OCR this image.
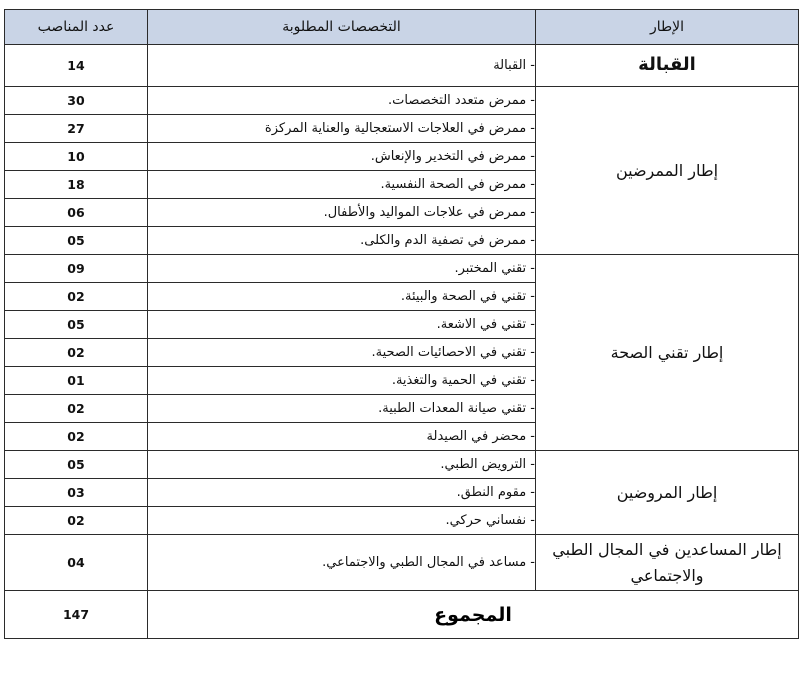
الإطار	التخصصات المطلوبة	عدد المناصب
القبالة	- القبالة	14
إطار الممرضين	- ممرض متعدد التخصصات.	30
	- ممرض في العلاجات الاستعجالية والعناية المركزة	27
	- ممرض في التخدير والإنعاش.	10
	- ممرض في الصحة النفسية.	18
	- ممرض في علاجات المواليد والأطفال.	06
	- ممرض في تصفية الدم والكلى.	05
إطار تقني الصحة	- تقني المختبر.	09
	- تقني في الصحة والبيئة.	02
	- تقني في الاشعة.	05
	- تقني في الاحصائيات الصحية.	02
	- تقني في الحمية والتغذية.	01
	- تقني صيانة المعدات الطبية.	02
	- محضر في الصيدلة	02
إطار المروضين	- الترويض الطبي.	05
	- مقوم النطق.	03
	- نفساني حركي.	02
إطار المساعدين في المجال الطبي والاجتماعي	- مساعد في المجال الطبي والاجتماعي.	04
المجموع		147
